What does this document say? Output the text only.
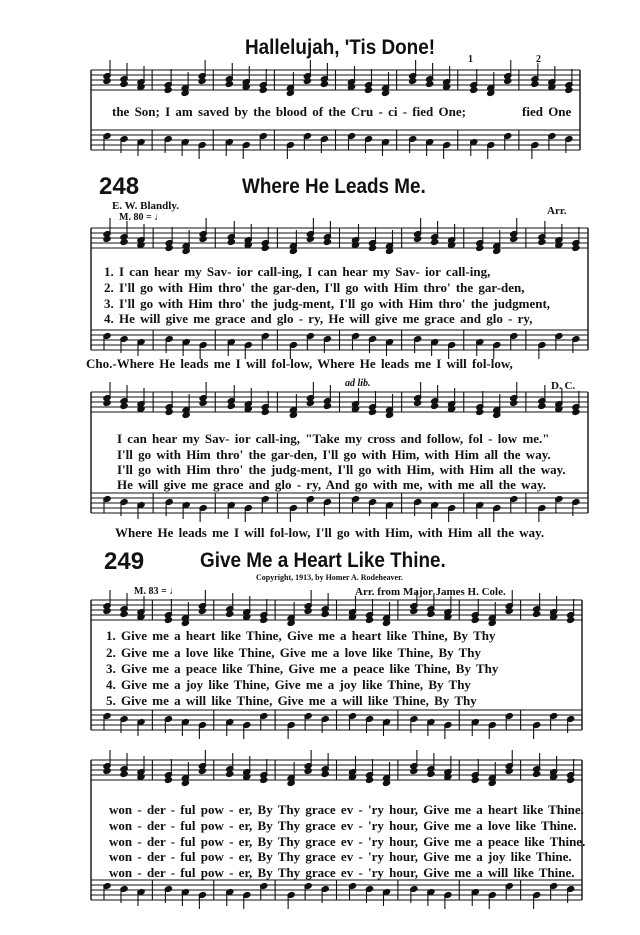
Hallelujah, 'Tis Done!
1	2
the Son; I am saved by the blood of the Cru - ci - fied One;	fied One
248	Where He Leads Me.
E. W. Blandly.
M. 80 = ♩
Arr.
1. I can hear my Sav- ior call-ing, I can hear my Sav- ior call-ing,
2. I'll go with Him thro' the gar-den, I'll go with Him thro' the gar-den,
3. I'll go with Him thro' the judg-ment, I'll go with Him thro' the judgment,
4. He will give me grace and glo - ry, He will give me grace and glo - ry,
Cho.-Where He leads me I will fol-low, Where He leads me I will fol-low,
ad lib.	D. C.
I can hear my Sav- ior call-ing, "Take my cross and follow, fol - low me."
I'll go with Him thro' the gar-den, I'll go with Him, with Him all the way.
I'll go with Him thro' the judg-ment, I'll go with Him, with Him all the way.
He will give me grace and glo - ry, And go with me, with me all the way.
Where He leads me I will fol-low, I'll go with Him, with Him all the way.
249	Give Me a Heart Like Thine.
Copyright, 1913, by Homer A. Rodeheaver.
M. 83 = ♩	Arr. from Major James H. Cole.
1. Give me a heart like Thine, Give me a heart like Thine, By Thy
2. Give me a love like Thine, Give me a love like Thine, By Thy
3. Give me a peace like Thine, Give me a peace like Thine, By Thy
4. Give me a joy like Thine, Give me a joy like Thine, By Thy
5. Give me a will like Thine, Give me a will like Thine, By Thy
won - der - ful pow - er, By Thy grace ev - 'ry hour, Give me a heart like Thine.
won - der - ful pow - er, By Thy grace ev - 'ry hour, Give me a love like Thine.
won - der - ful pow - er, By Thy grace ev - 'ry hour, Give me a peace like Thine.
won - der - ful pow - er, By Thy grace ev - 'ry hour, Give me a joy like Thine.
won - der - ful pow - er, By Thy grace ev - 'ry hour, Give me a will like Thine.
